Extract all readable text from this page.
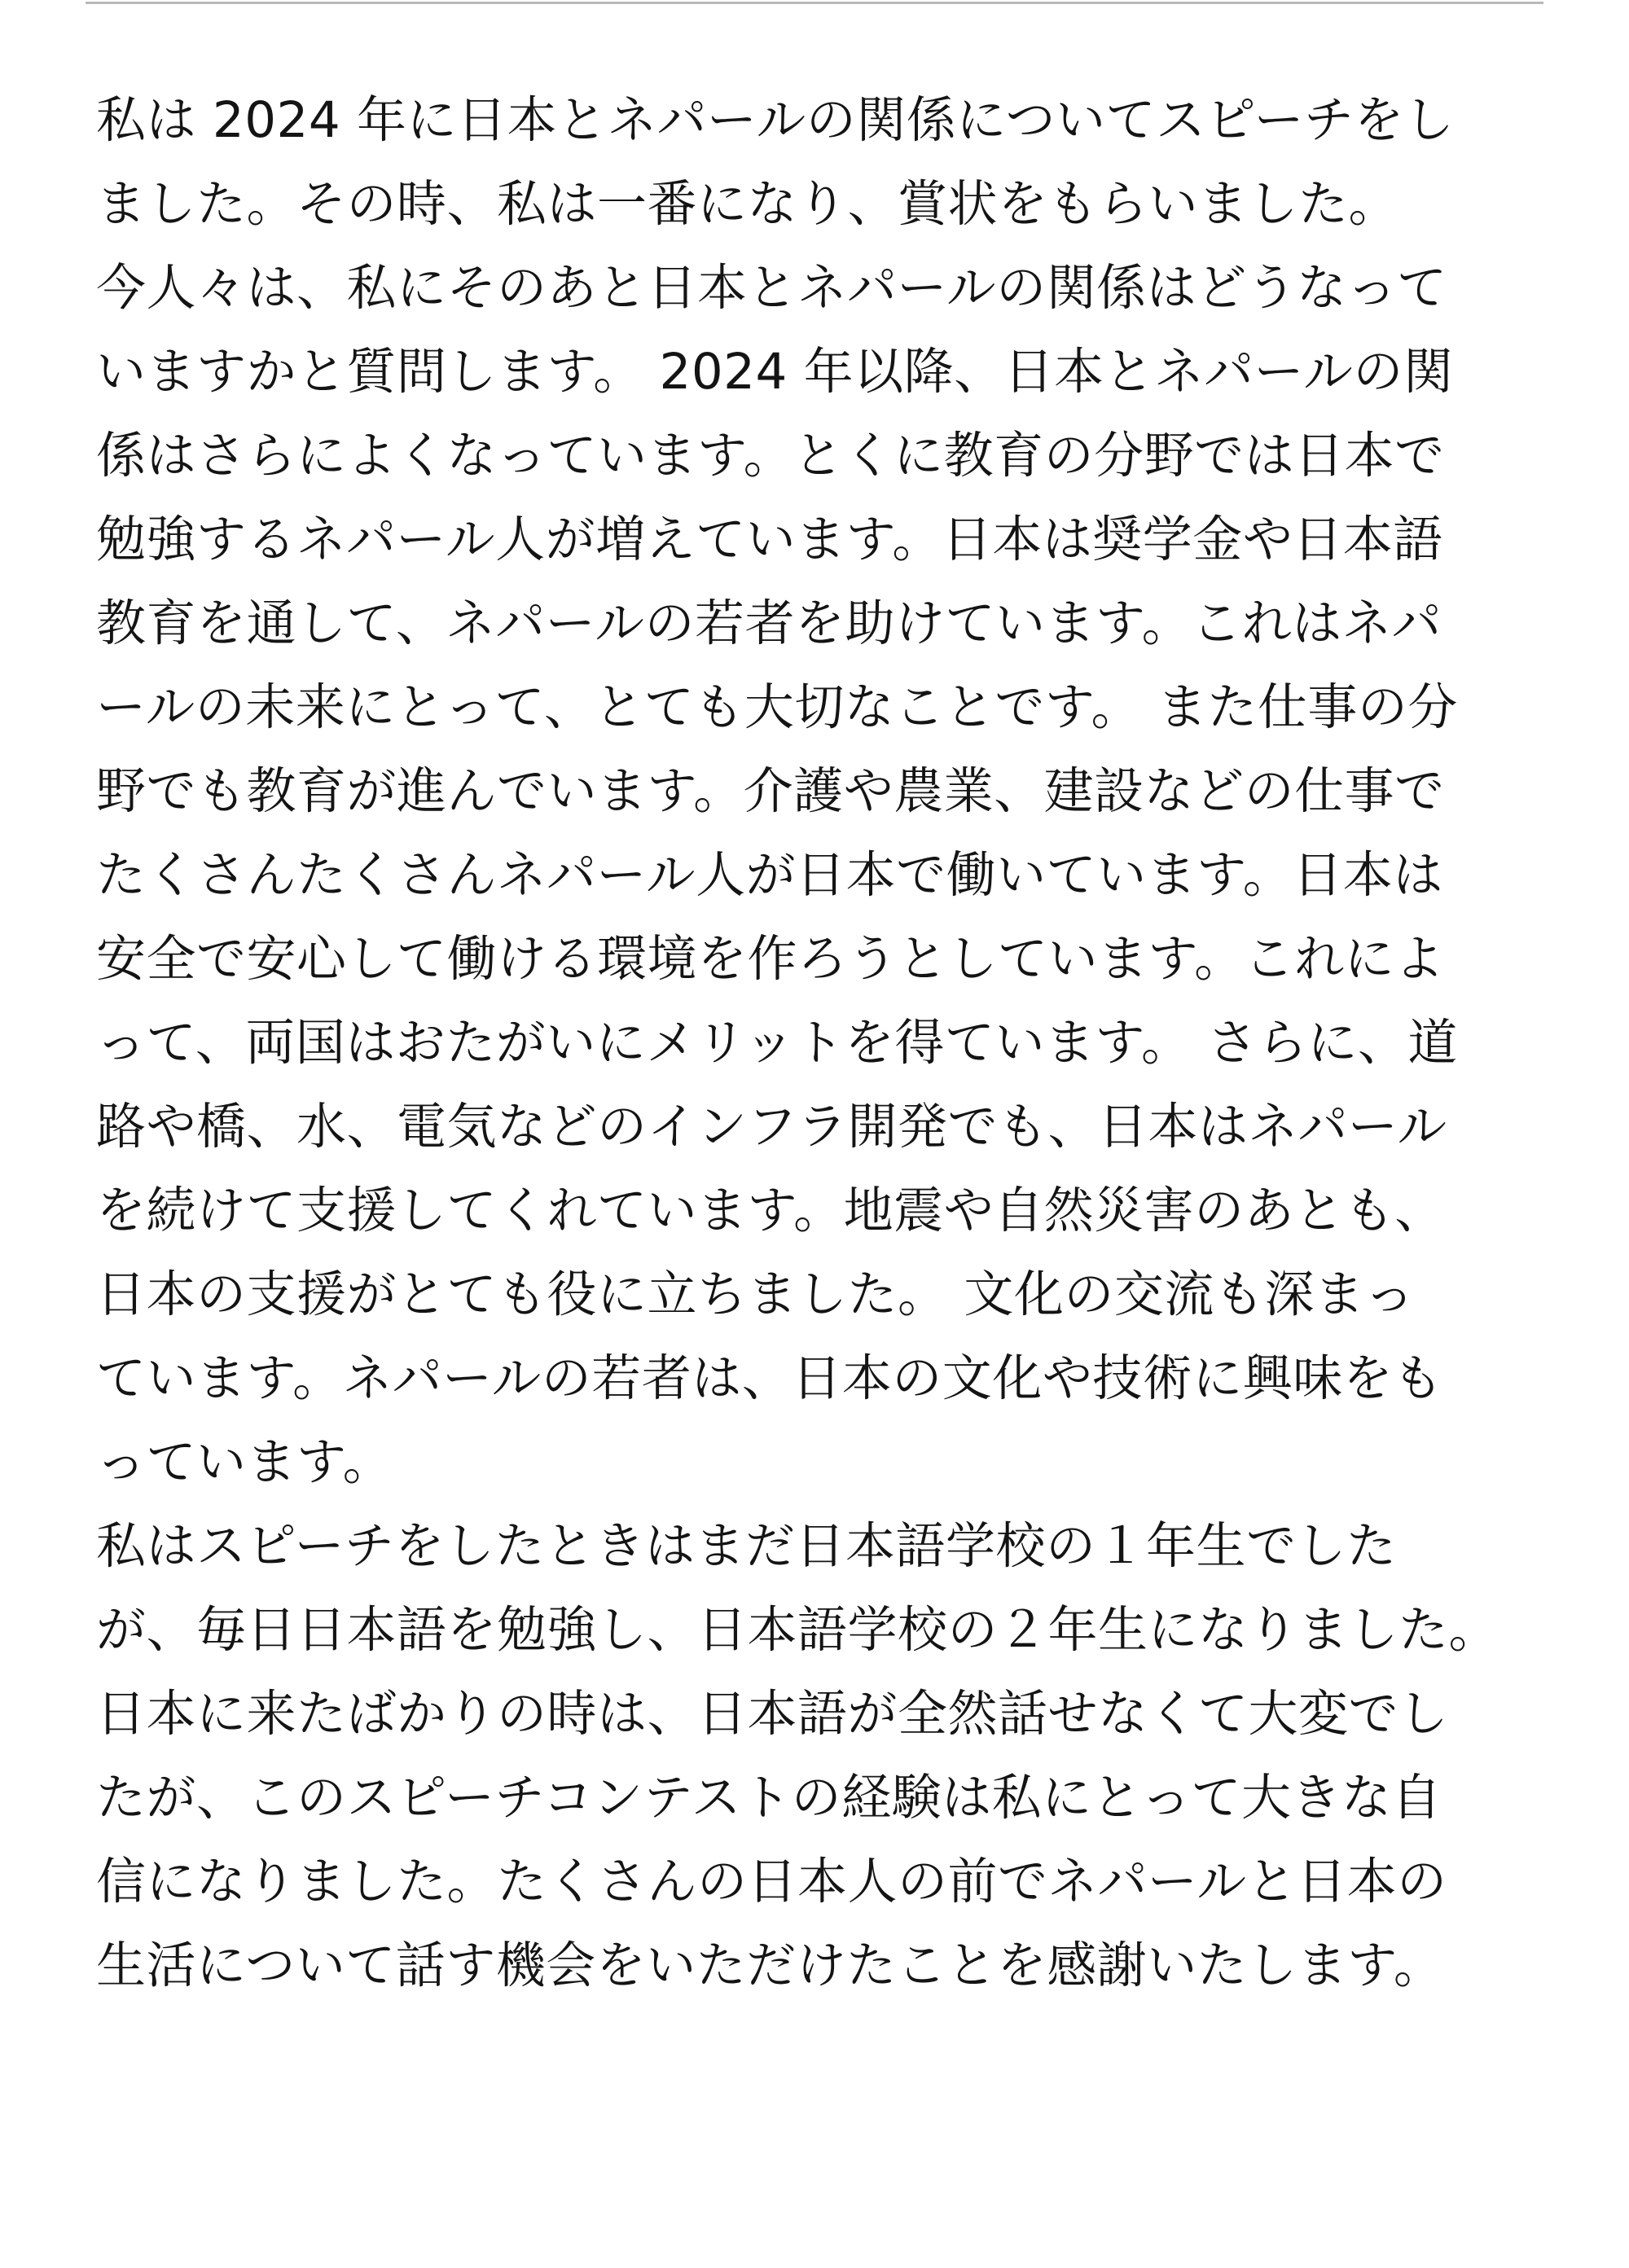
私は 2024 年に日本とネパールの関係についてスピーチをし
ました。その時、私は一番になり、賞状をもらいました。
今人々は、私にそのあと日本とネパールの関係はどうなって
いますかと質問します。 2024 年以降、日本とネパールの関
係はさらによくなっています。とくに教育の分野では日本で
勉強するネパール人が増えています。日本は奨学金や日本語
教育を通して、ネパールの若者を助けています。これはネパ
ールの未来にとって、とても大切なことです。 また仕事の分
野でも教育が進んでいます。介護や農業、建設などの仕事で
たくさんたくさんネパール人が日本で働いています。日本は
安全で安心して働ける環境を作ろうとしています。これによ
って、両国はおたがいにメリットを得ています。 さらに、道
路や橋、水、電気などのインフラ開発でも、日本はネパール
を続けて支援してくれています。地震や自然災害のあとも、
日本の支援がとても役に立ちました。 文化の交流も深まっ
ています。ネパールの若者は、日本の文化や技術に興味をも
っています。
私はスピーチをしたときはまだ日本語学校の１年生でした
が、毎日日本語を勉強し、日本語学校の２年生になりました。
日本に来たばかりの時は、日本語が全然話せなくて大変でし
たが、このスピーチコンテストの経験は私にとって大きな自
信になりました。たくさんの日本人の前でネパールと日本の
生活について話す機会をいただけたことを感謝いたします。
